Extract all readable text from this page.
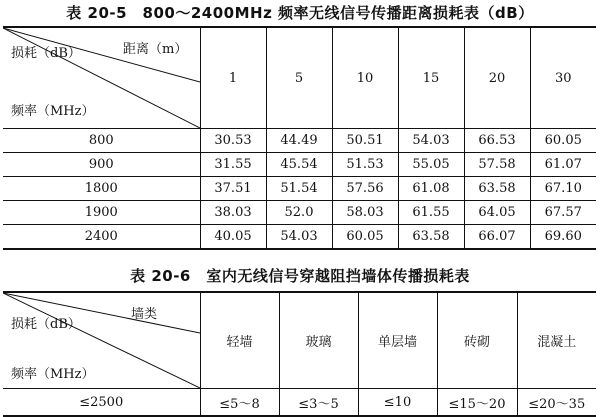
表 20-5　800～2400MHz 频率无线信号传播距离损耗表（dB）
距离（m）
损耗（dB）
频率（MHz）	1	5	10	15	20	30
800	30.53	44.49	50.51	54.03	66.53	60.05
900	31.55	45.54	51.53	55.05	57.58	61.07
1800	37.51	51.54	57.56	61.08	63.58	67.10
1900	38.03	52.0	58.03	61.55	64.05	67.57
2400	40.05	54.03	60.05	63.58	66.07	69.60
表 20-6　室内无线信号穿越阻挡墙体传播损耗表
墙类
损耗（dB）
频率（MHz）	轻墙	玻璃	单层墙	砖砌	混凝土
≤2500	≤5～8	≤3～5	≤10	≤15～20	≤20～35
